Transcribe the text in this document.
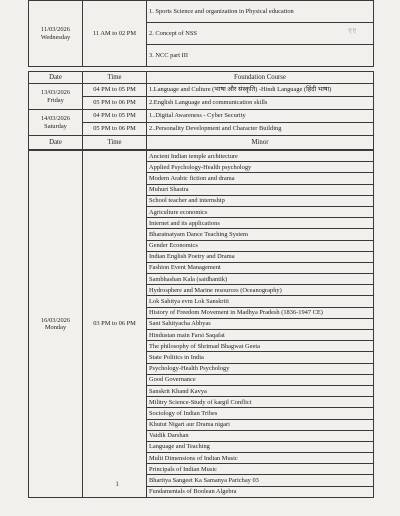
11/03/2026
Wednesday	11 AM to 02 PM	1. Sports Science and organization in Physical education
2. Concept of NSS	ऍऍ

3. NCC part III
Date	Time	Foundation Course
13/03/2026
Friday	04 PM to 05 PM	1.Language and Culture (भाषा और संस्कृति) -Hindi Language (हिंदी भाषा)
	05 PM to 06 PM	2.English Language and communication skills
14/03/2026
Saturday	04 PM to 05 PM	1..Digital Awareness - Cyber Security
	05 PM to 06 PM	2..Personality Development and Character Building
Date	Time	Minor
16/03/2026
Monday	03 PM to 06 PM	Ancient Indian temple architecture
Applied Psychology-Health psychology
Modern Arabic fiction and drama
Muhurt Shastra
School teacher and internship
Agriculture economics
Internet and its applications
Bharatnatyam Dance Teaching System
Gender Economics
Indian English Poetry and Drama
Fashion Event Management
Sambhashan Kala (saidhantik)
Hydrosphere and Marine resources (Oceanography)
Lok Sahitya evm Lok Sanskriti
History of Freedom Movement in Madhya Pradesh (1836-1947 CE)
Sant Sahityacha Abhyas
Hindustan main Farsi Saqafat
The philosophy of Shrimad Bhagwat Geeta
State Politics in India
Psychology-Health Psychology
Good Governance
Sanskrit Khand Kavya
Militry Science-Study of kargil Conflict
Sociology of Indian Tribes
Khutut Nigari aur Drama nigari
Vaidik Darshan
Language and Teaching
Multi Dimensions of Indian Music
Principals of Indian Music
Bhartiya Sangeet Ka Samanya Parichay 03
Fundamentals of Boolean Algebra
ı
